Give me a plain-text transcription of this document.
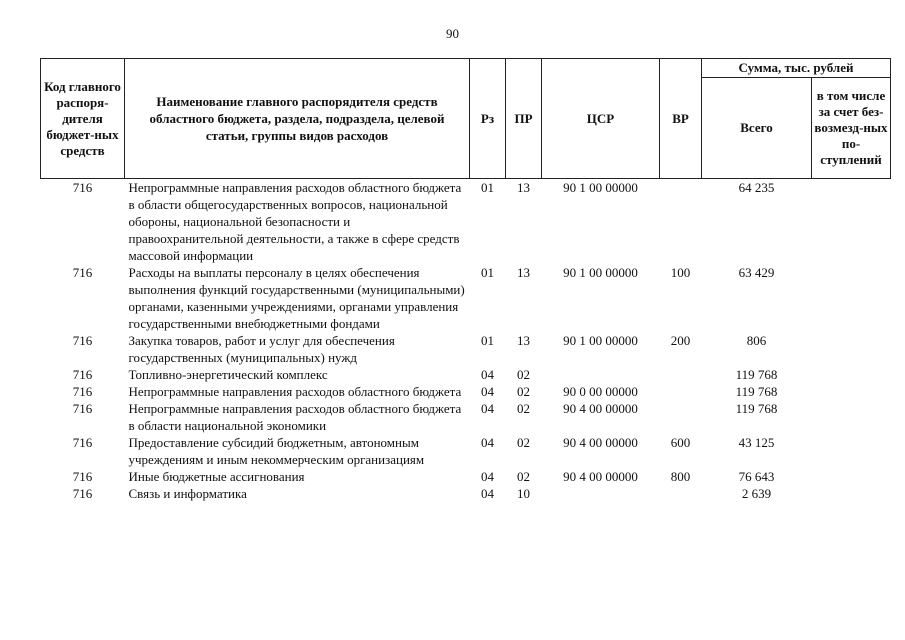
90
Код главного распоря-дителя бюджет-ных средств	Наименование главного распорядителя средств областного бюджета, раздела, подраздела, целевой статьи, группы видов расходов	Рз	ПР	ЦСР	ВР	Сумма, тыс. рублей	
						Всего	в том числе за счет без-возмезд-ных по-ступлений
716	Непрограммные направления расходов областного бюджета в области общегосударственных вопросов, национальной обороны, национальной безопасности и правоохранительной деятельности, а также в сфере средств массовой информации	01	13	90 1 00 00000		64 235	
716	Расходы на выплаты персоналу в целях обеспечения выполнения функций государственными (муниципальными) органами, казенными учреждениями, органами управления государственными внебюджетными фондами	01	13	90 1 00 00000	100	63 429	
716	Закупка товаров, работ и услуг для обеспечения государственных (муниципальных) нужд	01	13	90 1 00 00000	200	806	
716	Топливно-энергетический комплекс	04	02			119 768	
716	Непрограммные направления расходов областного бюджета	04	02	90 0 00 00000		119 768	
716	Непрограммные направления расходов областного бюджета в области национальной экономики	04	02	90 4 00 00000		119 768	
716	Предоставление субсидий бюджетным, автономным учреждениям и иным некоммерческим организациям	04	02	90 4 00 00000	600	43 125	
716	Иные бюджетные ассигнования	04	02	90 4 00 00000	800	76 643	
716	Связь и информатика	04	10			2 639	
